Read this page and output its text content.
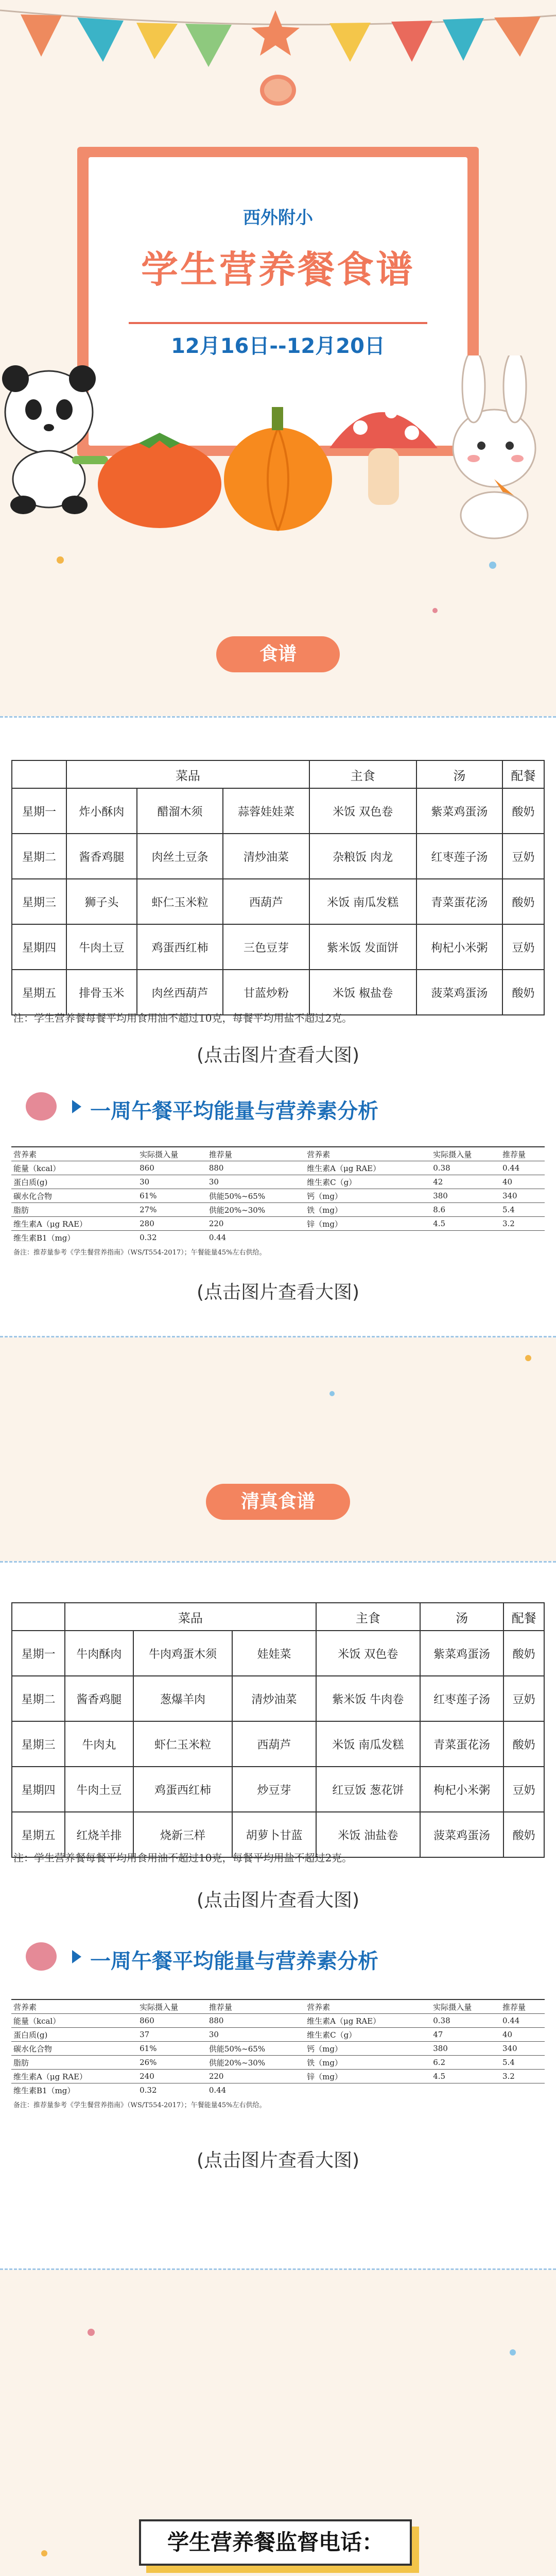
西外附小
学生营养餐食谱
12月16日--12月20日
食谱
	菜品			主食	汤	配餐
星期一	炸小酥肉	醋溜木须	蒜蓉娃娃菜	米饭 双色卷	紫菜鸡蛋汤	酸奶
星期二	酱香鸡腿	肉丝土豆条	清炒油菜	杂粮饭 肉龙	红枣莲子汤	豆奶
星期三	狮子头	虾仁玉米粒	西葫芦	米饭 南瓜发糕	青菜蛋花汤	酸奶
星期四	牛肉土豆	鸡蛋西红柿	三色豆芽	紫米饭 发面饼	枸杞小米粥	豆奶
星期五	排骨玉米	肉丝西葫芦	甘蓝炒粉	米饭 椒盐卷	菠菜鸡蛋汤	酸奶
注：学生营养餐每餐平均用食用油不超过10克，每餐平均用盐不超过2克。
(点击图片查看大图)
一周午餐平均能量与营养素分析
营养素	实际摄入量	推荐量	营养素	实际摄入量	推荐量
能量（kcal）	860	880	维生素A（μg RAE）	0.38	0.44
蛋白质(g)	30	30	维生素C（g）	42	40
碳水化合物	61%	供能50%~65%	钙（mg）	380	340
脂肪	27%	供能20%~30%	铁（mg）	8.6	5.4
维生素A（μg RAE）	280	220	锌（mg）	4.5	3.2
维生素B1（mg）	0.32	0.44			
备注：推荐量参考《学生餐营养指南》（WS/T554-2017）；午餐能量45%左右供给。
(点击图片查看大图)
清真食谱
	菜品			主食	汤	配餐
星期一	牛肉酥肉	牛肉鸡蛋木须	娃娃菜	米饭 双色卷	紫菜鸡蛋汤	酸奶
星期二	酱香鸡腿	葱爆羊肉	清炒油菜	紫米饭 牛肉卷	红枣莲子汤	豆奶
星期三	牛肉丸	虾仁玉米粒	西葫芦	米饭 南瓜发糕	青菜蛋花汤	酸奶
星期四	牛肉土豆	鸡蛋西红柿	炒豆芽	红豆饭 葱花饼	枸杞小米粥	豆奶
星期五	红烧羊排	烧新三样	胡萝卜甘蓝	米饭 油盐卷	菠菜鸡蛋汤	酸奶
注：学生营养餐每餐平均用食用油不超过10克，每餐平均用盐不超过2克。
(点击图片查看大图)
一周午餐平均能量与营养素分析
营养素	实际摄入量	推荐量	营养素	实际摄入量	推荐量
能量（kcal）	860	880	维生素A（μg RAE）	0.38	0.44
蛋白质(g)	37	30	维生素C（g）	47	40
碳水化合物	61%	供能50%~65%	钙（mg）	380	340
脂肪	26%	供能20%~30%	铁（mg）	6.2	5.4
维生素A（μg RAE）	240	220	锌（mg）	4.5	3.2
维生素B1（mg）	0.32	0.44			
备注：推荐量参考《学生餐营养指南》（WS/T554-2017）；午餐能量45%左右供给。
(点击图片查看大图)
学生营养餐监督电话：
